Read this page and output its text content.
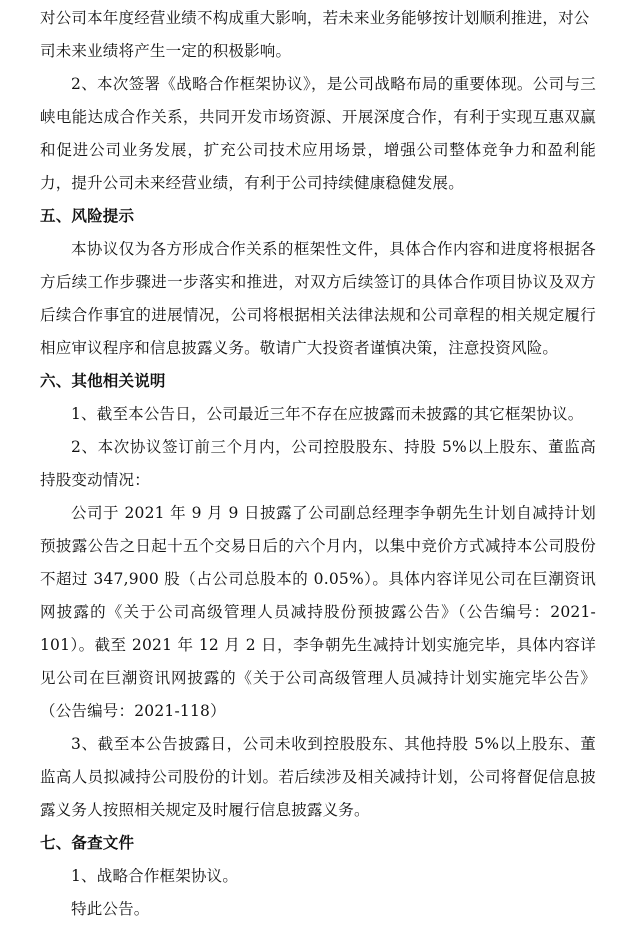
对公司本年度经营业绩不构成重大影响，若未来业务能够按计划顺利推进，对公司未来业绩将产生一定的积极影响。

2、本次签署《战略合作框架协议》，是公司战略布局的重要体现。公司与三峡电能达成合作关系，共同开发市场资源、开展深度合作，有利于实现互惠双赢和促进公司业务发展，扩充公司技术应用场景，增强公司整体竞争力和盈利能力，提升公司未来经营业绩，有利于公司持续健康稳健发展。

五、风险提示

本协议仅为各方形成合作关系的框架性文件，具体合作内容和进度将根据各方后续工作步骤进一步落实和推进，对双方后续签订的具体合作项目协议及双方后续合作事宜的进展情况，公司将根据相关法律法规和公司章程的相关规定履行相应审议程序和信息披露义务。敬请广大投资者谨慎决策，注意投资风险。

六、其他相关说明

1、截至本公告日，公司最近三年不存在应披露而未披露的其它框架协议。

2、本次协议签订前三个月内，公司控股股东、持股 5%以上股东、董监高持股变动情况：

公司于 2021 年 9 月 9 日披露了公司副总经理李争朝先生计划自减持计划预披露公告之日起十五个交易日后的六个月内，以集中竞价方式减持本公司股份不超过 347,900 股（占公司总股本的 0.05%）。具体内容详见公司在巨潮资讯网披露的《关于公司高级管理人员减持股份预披露公告》（公告编号：2021-101）。截至 2021 年 12 月 2 日，李争朝先生减持计划实施完毕，具体内容详见公司在巨潮资讯网披露的《关于公司高级管理人员减持计划实施完毕公告》（公告编号：2021-118）

3、截至本公告披露日，公司未收到控股股东、其他持股 5%以上股东、董监高人员拟减持公司股份的计划。若后续涉及相关减持计划，公司将督促信息披露义务人按照相关规定及时履行信息披露义务。

七、备查文件

1、战略合作框架协议。

特此公告。
